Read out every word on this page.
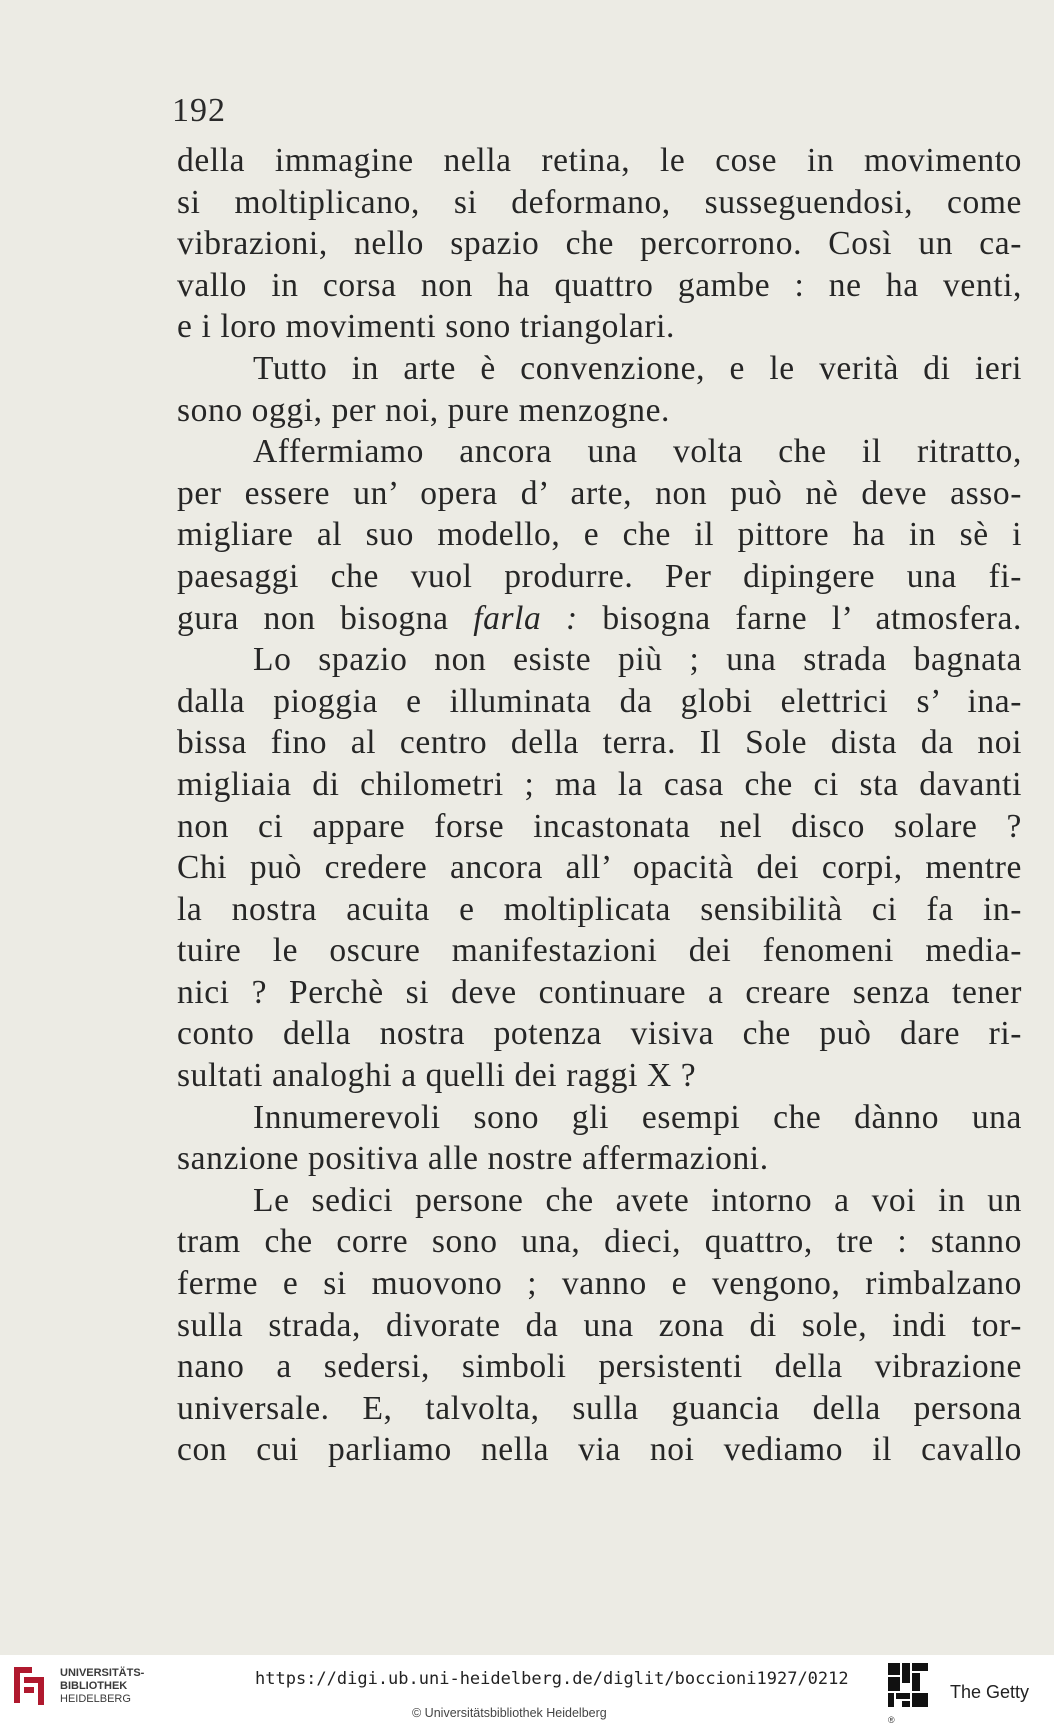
192
della immagine nella retina, le cose in movimento
si moltiplicano, si deformano, susseguendosi, come
vibrazioni, nello spazio che percorrono. Così un ca-
vallo in corsa non ha quattro gambe : ne ha venti,
e i loro movimenti sono triangolari.
Tutto in arte è convenzione, e le verità di ieri
sono oggi, per noi, pure menzogne.
Affermiamo ancora una volta che il ritratto,
per essere un’ opera d’ arte, non può nè deve asso-
migliare al suo modello, e che il pittore ha in sè i
paesaggi che vuol produrre. Per dipingere una fi-
gura non bisogna farla : bisogna farne l’ atmosfera.
Lo spazio non esiste più ; una strada bagnata
dalla pioggia e illuminata da globi elettrici s’ ina-
bissa fino al centro della terra. Il Sole dista da noi
migliaia di chilometri ; ma la casa che ci sta davanti
non ci appare forse incastonata nel disco solare ?
Chi può credere ancora all’ opacità dei corpi, mentre
la nostra acuita e moltiplicata sensibilità ci fa in-
tuire le oscure manifestazioni dei fenomeni media-
nici ? Perchè si deve continuare a creare senza tener
conto della nostra potenza visiva che può dare ri-
sultati analoghi a quelli dei raggi X ?
Innumerevoli sono gli esempi che dànno una
sanzione positiva alle nostre affermazioni.
Le sedici persone che avete intorno a voi in un
tram che corre sono una, dieci, quattro, tre : stanno
ferme e si muovono ; vanno e vengono, rimbalzano
sulla strada, divorate da una zona di sole, indi tor-
nano a sedersi, simboli persistenti della vibrazione
universale. E, talvolta, sulla guancia della persona
con cui parliamo nella via noi vediamo il cavallo
UNIVERSITÄTS-
BIBLIOTHEK
HEIDELBERG
https://digi.ub.uni-heidelberg.de/diglit/boccioni1927/0212
© Universitätsbibliothek Heidelberg	®
The Getty
